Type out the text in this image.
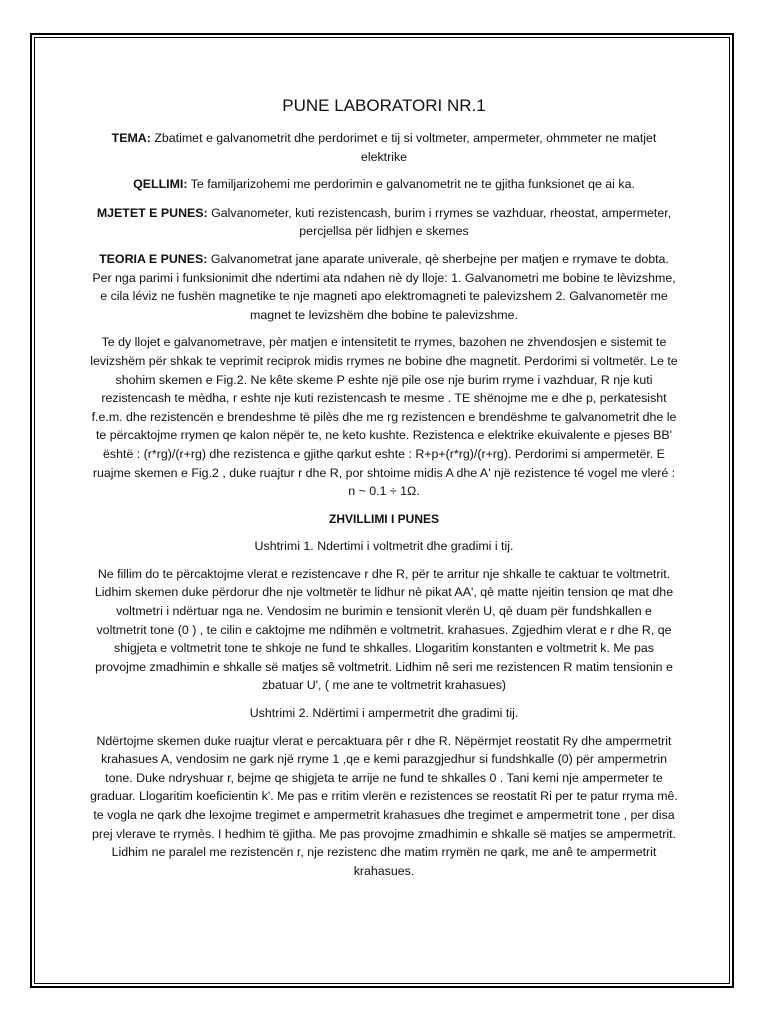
PUNE LABORATORI NR.1

TEMA: Zbatimet e galvanometrit dhe perdorimet e tij si voltmeter, ampermeter, ohmmeter ne matjet elektrike

QELLIMI: Te familjarizohemi me perdorimin e galvanometrit ne te gjitha funksionet qe ai ka.

MJETET E PUNES: Galvanometer, kuti rezistencash, burim i rrymes se vazhduar, rheostat, ampermeter, percjellsa për lidhjen e skemes

TEORIA E PUNES: Galvanometrat jane aparate univerale, qè sherbejne per matjen e rrymave te dobta. Per nga parimi i funksionimit dhe ndertimi ata ndahen nè dy lloje: 1. Galvanometri me bobine te lèvizshme, e cila léviz ne fushën magnetike te nje magneti apo elektromagneti te palevizshem 2. Galvanometër me magnet te levizshëm dhe bobine te palevizshme.

Te dy llojet e galvanometrave, pèr matjen e intensitetit te rrymes, bazohen ne zhvendosjen e sistemit te levizshëm për shkak te veprimit reciprok midis rrymes ne bobine dhe magnetit. Perdorimi si voltmetër. Le te shohim skemen e Fig.2. Ne kête skeme P eshte një pile ose nje burim rryme i vazhduar, R nje kuti rezistencash te mèdha, r eshte nje kuti rezistencash te mesme . TE shënojme me e dhe p, perkatesisht f.e.m. dhe rezistencën e brendeshme të pilès dhe me rg rezistencen e brendëshme te galvanometrit dhe le te përcaktojme rrymen qe kalon nëpër te, ne keto kushte. Rezistenca e elektrike ekuivalente e pjeses BB' është : (r*rg)/(r+rg) dhe rezistenca e gjithe qarkut eshte : R+p+(r*rg)/(r+rg). Perdorimi si ampermetër. E ruajme skemen e Fig.2 , duke ruajtur r dhe R, por shtoime midis A dhe A' një rezistence té vogel me vleré : n ~ 0.1 ÷ 1Ω.

ZHVILLIMI I PUNES

Ushtrimi 1. Ndertimi i voltmetrit dhe gradimi i tij.

Ne fillim do te përcaktojme vlerat e rezistencave r dhe R, për te arritur nje shkalle te caktuar te voltmetrit. Lidhim skemen duke përdorur dhe nje voltmetër te lidhur nè pikat AA', qè matte njeitin tension qe mat dhe voltmetri i ndërtuar nga ne. Vendosim ne burimin e tensionit vlerën U, qè duam për fundshkallen e voltmetrit tone (0 ) , te cilin e caktojme me ndihmën e voltmetrit. krahasues. Zgjedhim vlerat e r dhe R, qe shigjeta e voltmetrit tone te shkoje ne fund te shkalles. Llogaritim konstanten e voltmetrit k. Me pas provojme zmadhimin e shkalle së matjes sê voltmetrit. Lidhim nê seri me rezistencen R matim tensionin e zbatuar U', ( me ane te voltmetrit krahasues)

Ushtrimi 2. Ndërtimi i ampermetrit dhe gradimi tij.

Ndërtojme skemen duke ruajtur vlerat e percaktuara pêr r dhe R. Nëpërmjet reostatit Ry dhe ampermetrit krahasues A, vendosim ne gark një rryme 1 ,qe e kemi parazgjedhur si fundshkalle (0) për ampermetrin tone. Duke ndryshuar r, bejme qe shigjeta te arrije ne fund te shkalles 0 . Tani kemi nje ampermeter te graduar. Llogaritim koeficientin k'. Me pas e rritim vlerën e rezistences se reostatit Ri per te patur rryma mê. te vogla ne qark dhe lexojme tregimet e ampermetrit krahasues dhe tregimet e ampermetrit tone , per disa prej vlerave te rrymès. I hedhim të gjitha. Me pas provojme zmadhimin e shkalle së matjes se ampermetrit. Lidhim ne paralel me rezistencën r, nje rezistenc dhe matim rrymën ne qark, me anê te ampermetrit krahasues.
